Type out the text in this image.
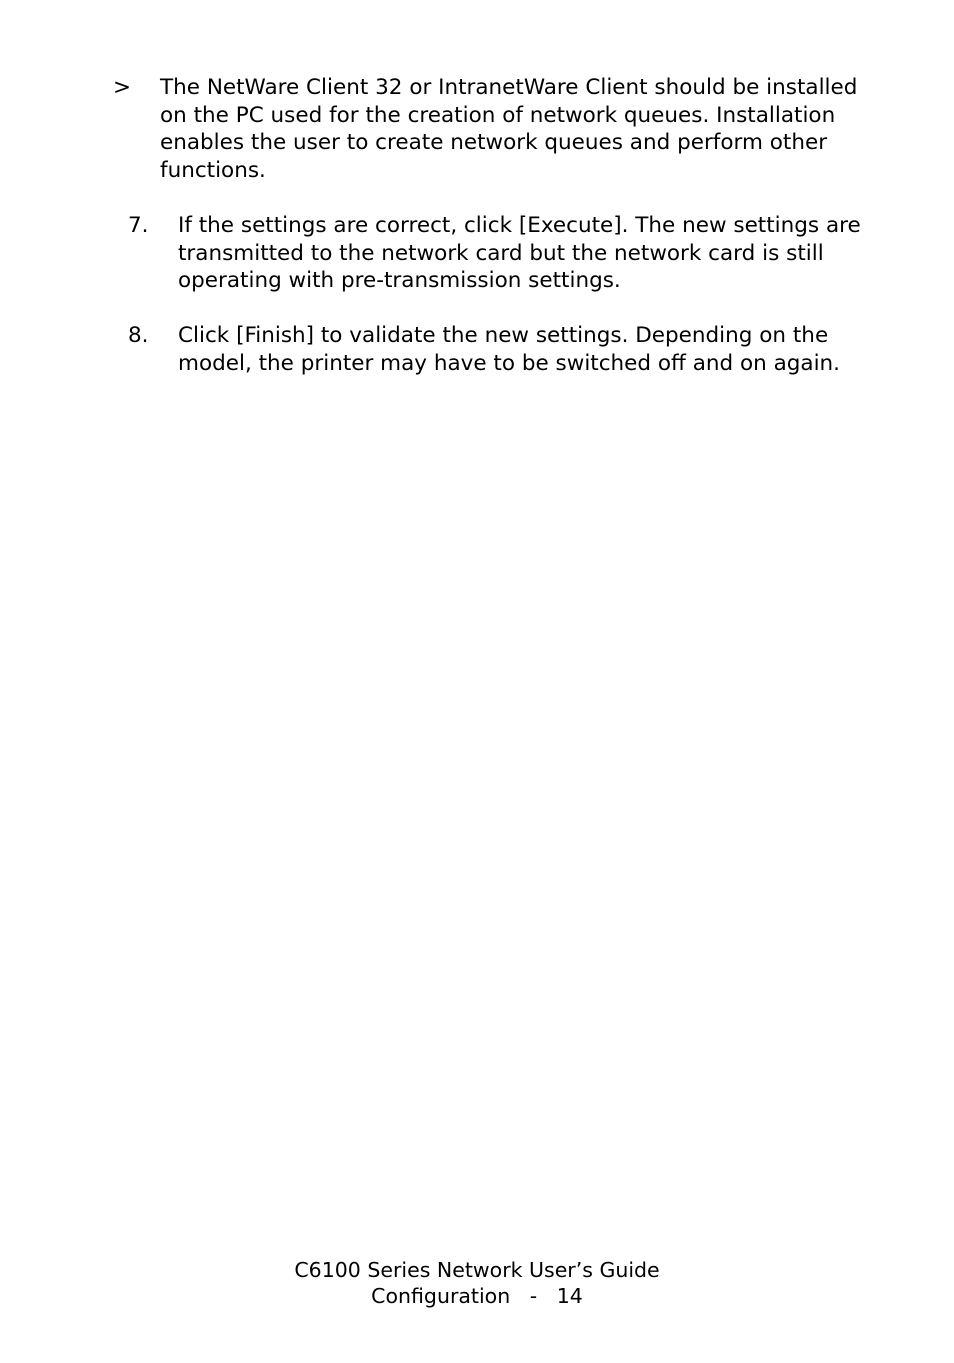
> The NetWare Client 32 or IntranetWare Client should be installed on the PC used for the creation of network queues. Installation enables the user to create network queues and perform other functions.
7. If the settings are correct, click [Execute]. The new settings are transmitted to the network card but the network card is still operating with pre-transmission settings.
8. Click [Finish] to validate the new settings. Depending on the model, the printer may have to be switched off and on again.
C6100 Series Network User’s Guide
Configuration - 14
